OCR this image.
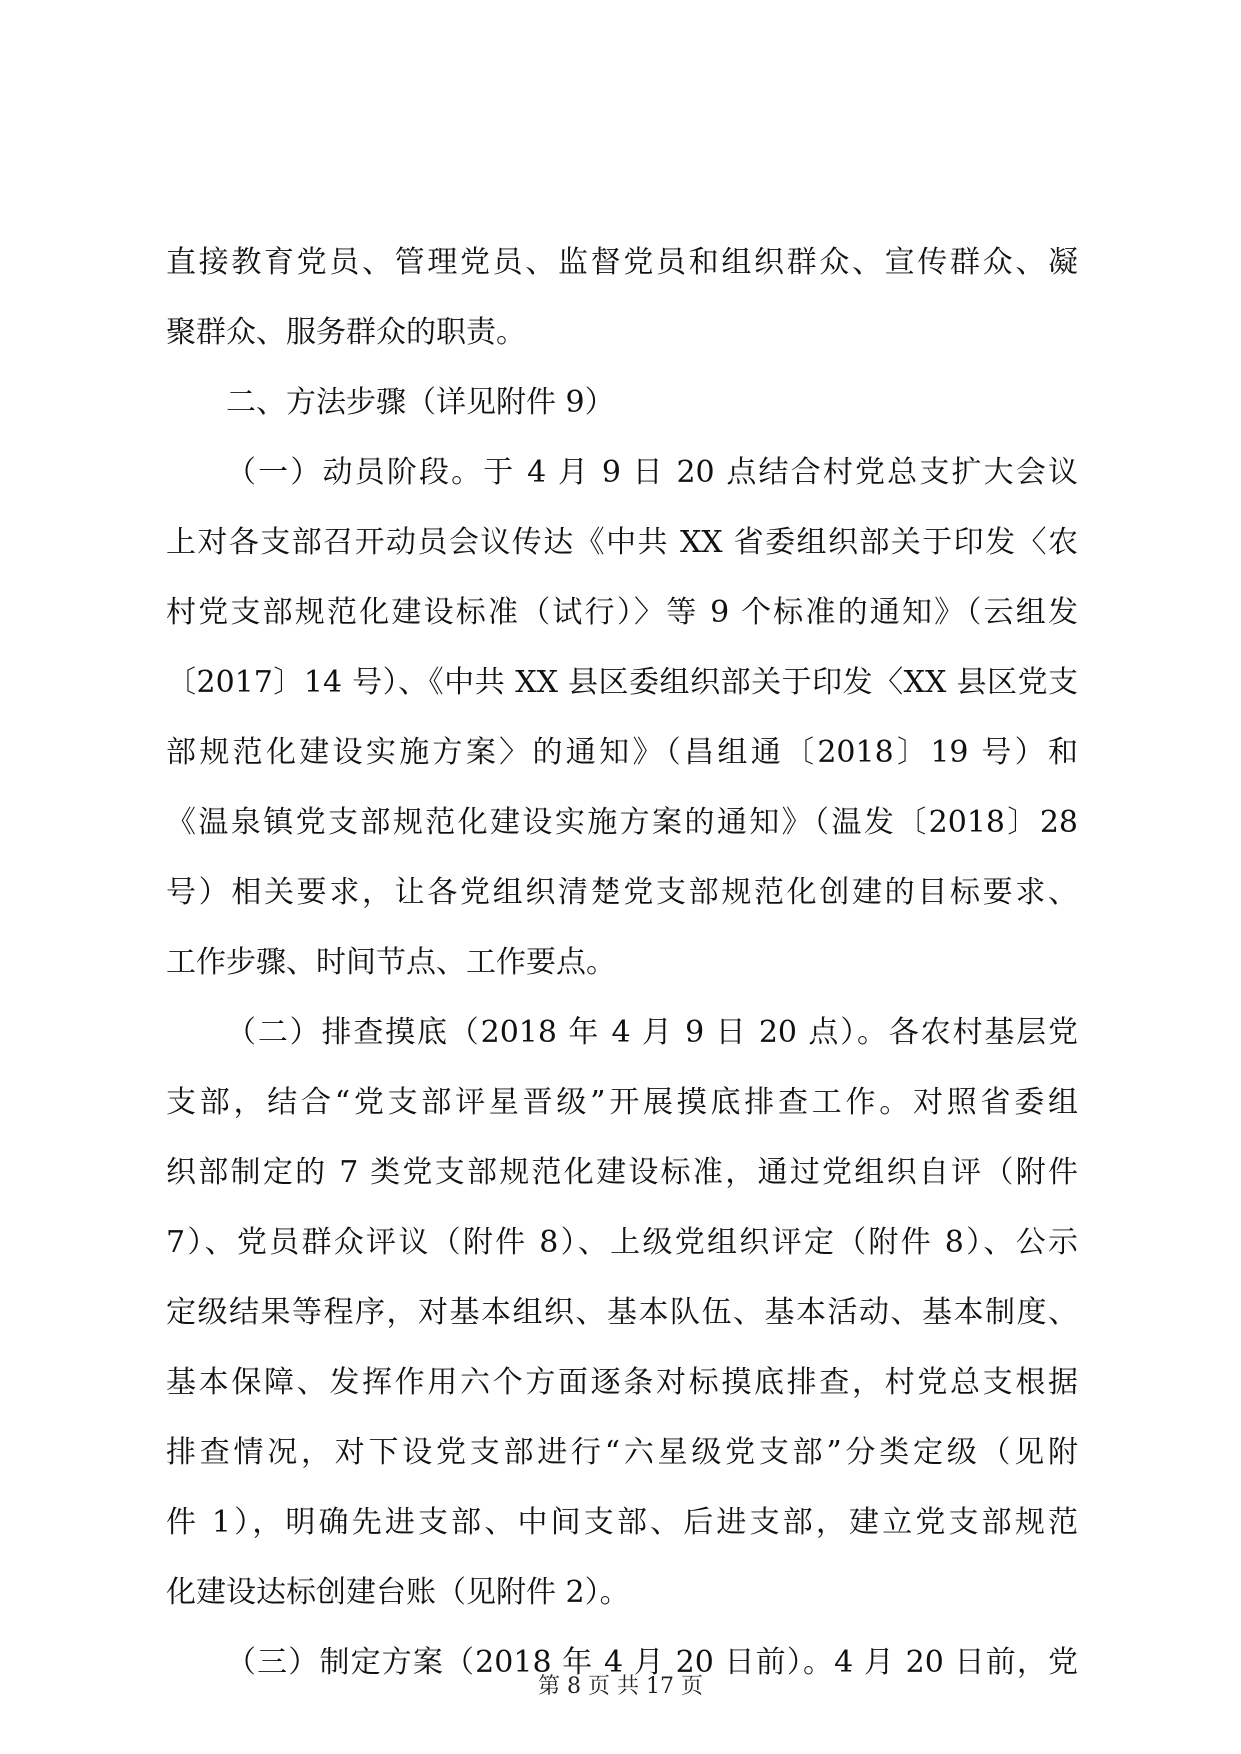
直接教育党员、管理党员、监督党员和组织群众、宣传群众、凝
聚群众、服务群众的职责。
二、方法步骤（详见附件 9）
（一）动员阶段。于 4 月 9 日 20 点结合村党总支扩大会议
上对各支部召开动员会议传达《中共 XX 省委组织部关于印发〈农
村党支部规范化建设标准（试行）〉等 9 个标准的通知》（云组发
〔2017〕14 号）、《中共 XX 县区委组织部关于印发〈XX 县区党支
部规范化建设实施方案〉的通知》（昌组通〔2018〕19 号）和
《温泉镇党支部规范化建设实施方案的通知》（温发〔2018〕28
号）相关要求，让各党组织清楚党支部规范化创建的目标要求、
工作步骤、时间节点、工作要点。
（二）排查摸底（2018 年 4 月 9 日 20 点）。各农村基层党
支部，结合“党支部评星晋级”开展摸底排查工作。对照省委组
织部制定的 7 类党支部规范化建设标准，通过党组织自评（附件
7）、党员群众评议（附件 8）、上级党组织评定（附件 8）、公示
定级结果等程序，对基本组织、基本队伍、基本活动、基本制度、
基本保障、发挥作用六个方面逐条对标摸底排查，村党总支根据
排查情况，对下设党支部进行“六星级党支部”分类定级（见附
件 1），明确先进支部、中间支部、后进支部，建立党支部规范
化建设达标创建台账（见附件 2）。
（三）制定方案（2018 年 4 月 20 日前）。4 月 20 日前，党
第 8 页 共 17 页
